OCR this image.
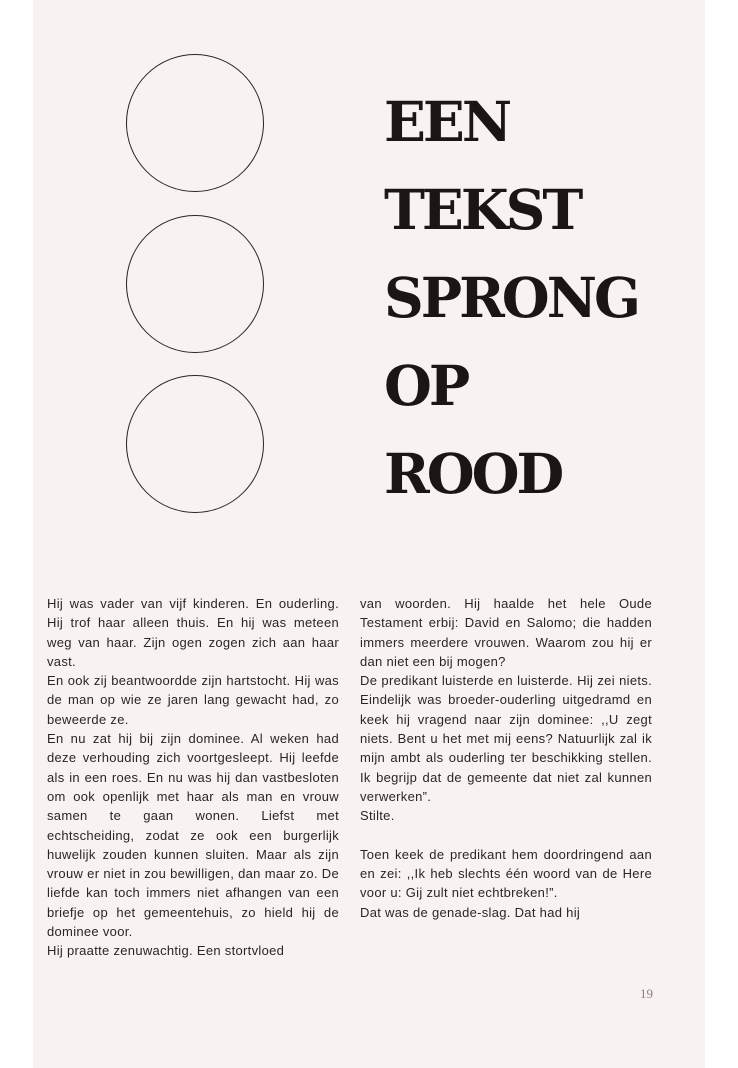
EEN
TEKST
SPRONG
OP
ROOD

Hij was vader van vijf kinderen. En ouderling. Hij trof haar alleen thuis. En hij was meteen weg van haar. Zijn ogen zogen zich aan haar vast.

En ook zij beantwoordde zijn hartstocht. Hij was de man op wie ze jaren lang gewacht had, zo beweerde ze.

En nu zat hij bij zijn dominee. Al weken had deze verhouding zich voortgesleept. Hij leefde als in een roes. En nu was hij dan vastbesloten om ook openlijk met haar als man en vrouw samen te gaan wonen. Liefst met echtscheiding, zodat ze ook een burgerlijk huwelijk zouden kunnen sluiten. Maar als zijn vrouw er niet in zou bewilligen, dan maar zo. De liefde kan toch immers niet afhangen van een briefje op het gemeentehuis, zo hield hij de dominee voor.

Hij praatte zenuwachtig. Een stortvloed

van woorden. Hij haalde het hele Oude Testament erbij: David en Salomo; die hadden immers meerdere vrouwen. Waarom zou hij er dan niet een bij mogen?

De predikant luisterde en luisterde. Hij zei niets. Eindelijk was broeder-ouderling uitgedramd en keek hij vragend naar zijn dominee: ,,U zegt niets. Bent u het met mij eens? Natuurlijk zal ik mijn ambt als ouderling ter beschikking stellen. Ik begrijp dat de gemeente dat niet zal kunnen verwerken”.

Stilte.

Toen keek de predikant hem doordringend aan en zei: ,,Ik heb slechts één woord van de Here voor u: Gij zult niet echtbreken!”.

Dat was de genade-slag. Dat had hij

19
